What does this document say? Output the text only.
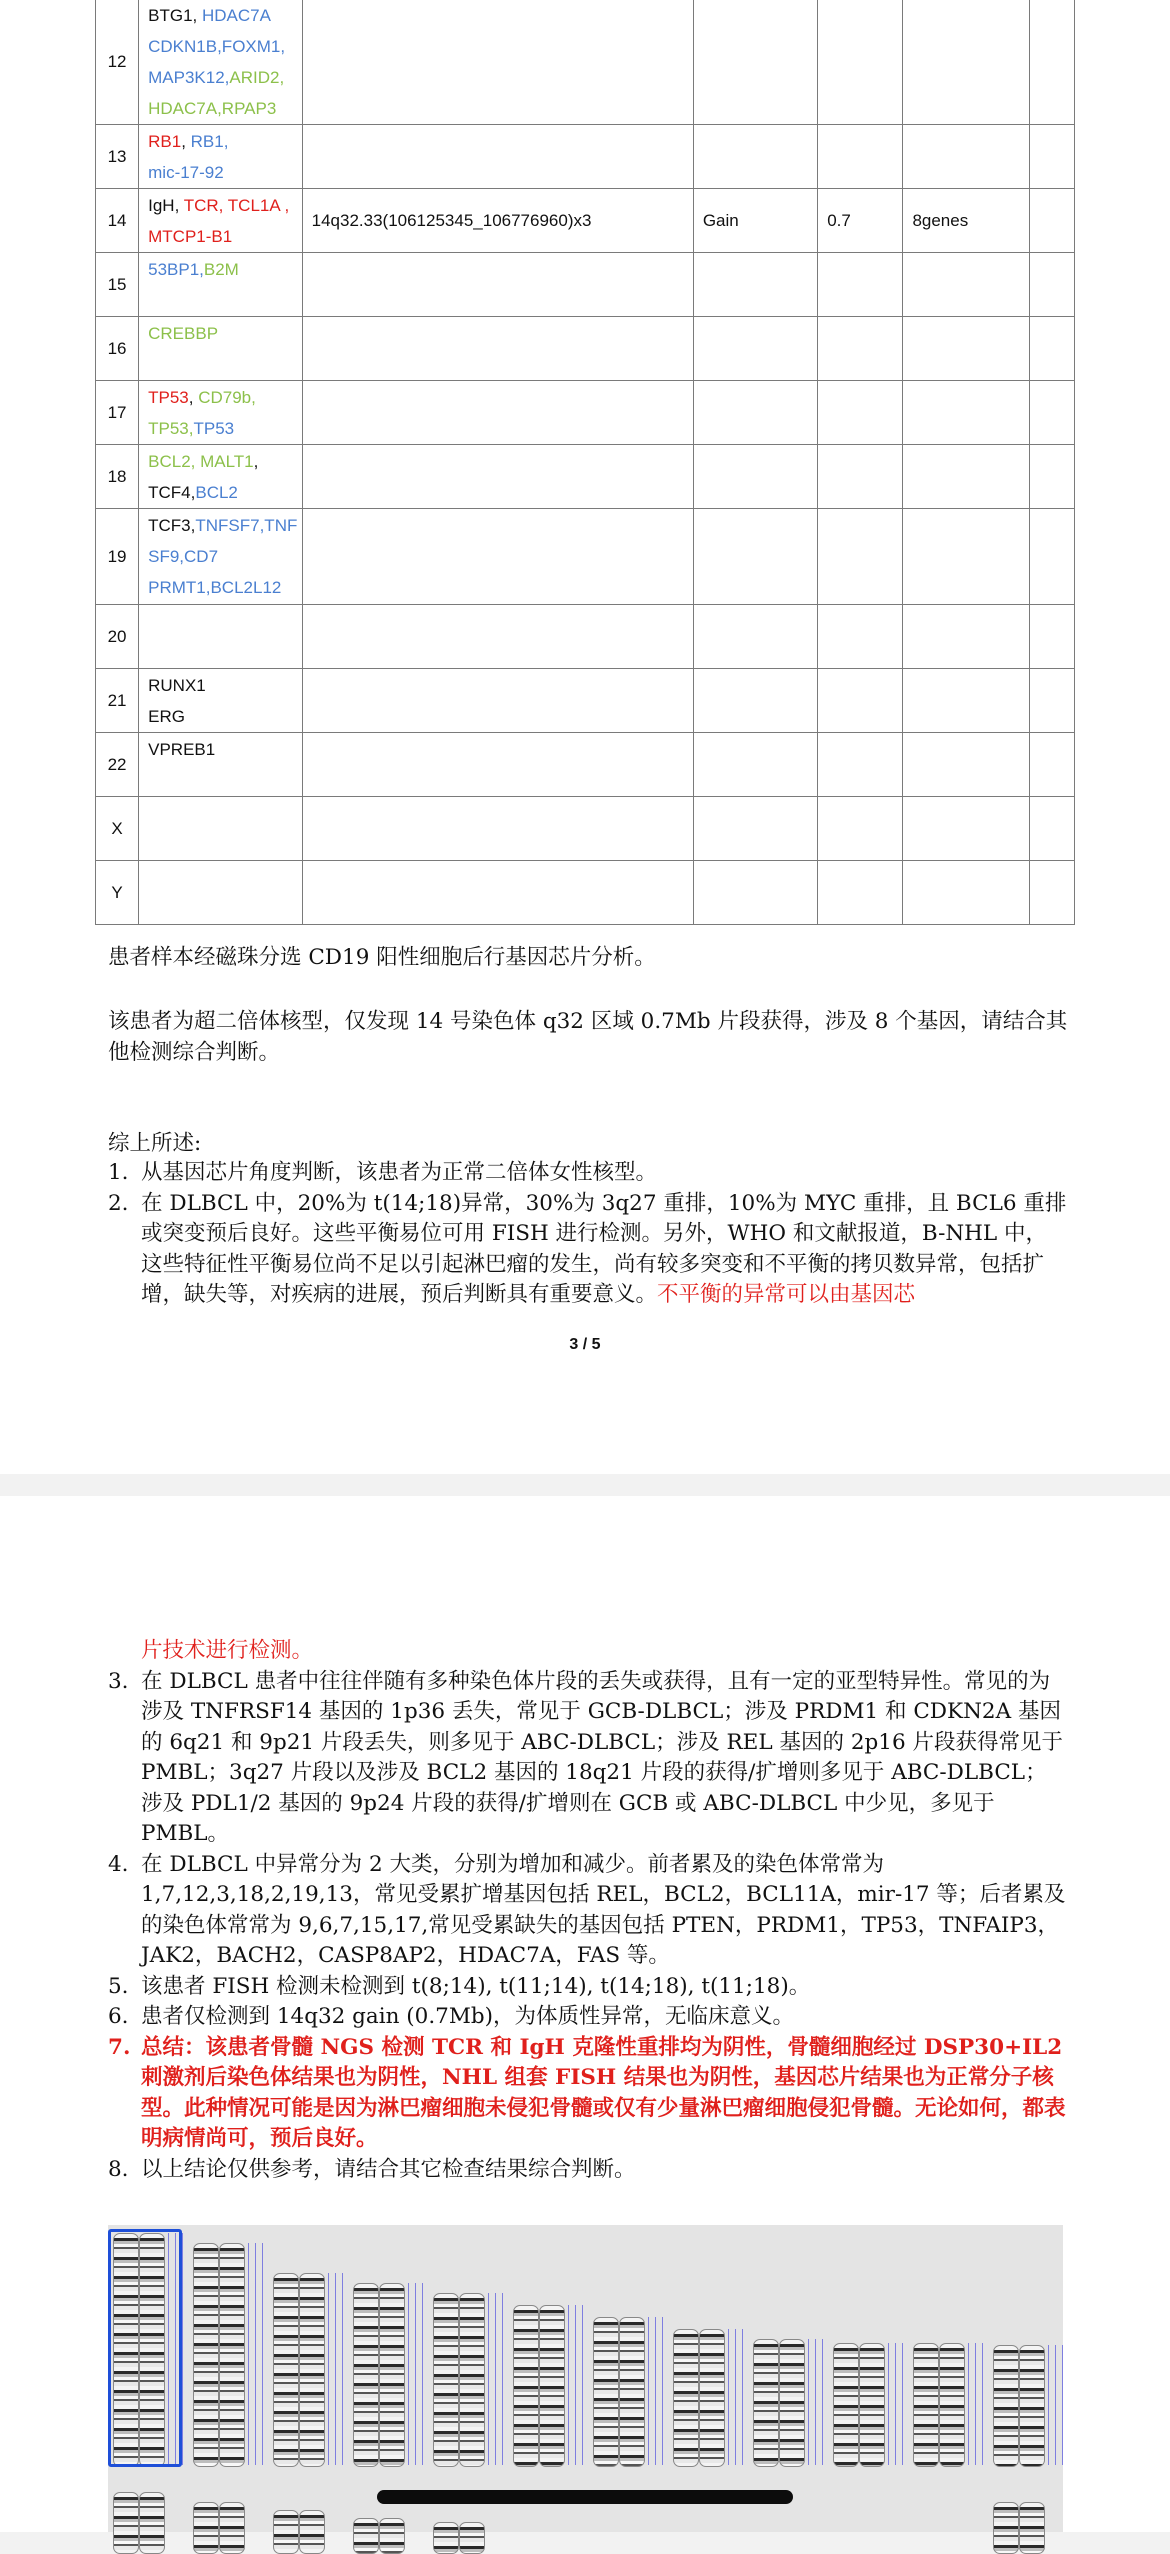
12	BTG1, HDAC7A
CDKN1B,FOXM1,
MAP3K12,ARID2,
HDAC7A,RPAP3					

13	RB1, RB1,
mic-17-92					

14	IgH, TCR, TCL1A ,
MTCP1-B1	14q32.33(106125345_106776960)x3	Gain	0.7	8genes	
15	53BP1,B2M					

16	CREBBP					

17	TP53, CD79b,
TP53,TP53					

18	BCL2, MALT1,
TCF4,BCL2					

19	TCF3,TNFSF7,TNF
SF9,CD7
PRMT1,BCL2L12					

20						
21	RUNX1
ERG					

22	VPREB1					

X						
Y						

患者样本经磁珠分选 CD19 阳性细胞后行基因芯片分析。

该患者为超二倍体核型，仅发现 14 号染色体 q32 区域 0.7Mb 片段获得，涉及 8 个基因，请结合其他检测综合判断。

综上所述:

1. 从基因芯片角度判断，该患者为正常二倍体女性核型。
2. 在 DLBCL 中，20%为 t(14;18)异常，30%为 3q27 重排，10%为 MYC 重排，且 BCL6 重排或突变预后良好。这些平衡易位可用 FISH 进行检测。另外，WHO 和文献报道，B-NHL 中，这些特征性平衡易位尚不足以引起淋巴瘤的发生，尚有较多突变和不平衡的拷贝数异常，包括扩增，缺失等，对疾病的进展，预后判断具有重要意义。不平衡的异常可以由基因芯
3 / 5
片技术进行检测。
3. 在 DLBCL 患者中往往伴随有多种染色体片段的丢失或获得，且有一定的亚型特异性。常见的为涉及 TNFRSF14 基因的 1p36 丢失，常见于 GCB-DLBCL；涉及 PRDM1 和 CDKN2A 基因的 6q21 和 9p21 片段丢失，则多见于 ABC-DLBCL；涉及 REL 基因的 2p16 片段获得常见于 PMBL；3q27 片段以及涉及 BCL2 基因的 18q21 片段的获得/扩增则多见于 ABC-DLBCL；涉及 PDL1/2 基因的 9p24 片段的获得/扩增则在 GCB 或 ABC-DLBCL 中少见，多见于 PMBL。
4. 在 DLBCL 中异常分为 2 大类，分别为增加和减少。前者累及的染色体常常为 1,7,12,3,18,2,19,13，常见受累扩增基因包括 REL，BCL2，BCL11A，mir-17 等；后者累及的染色体常常为 9,6,7,15,17,常见受累缺失的基因包括 PTEN，PRDM1，TP53，TNFAIP3，JAK2，BACH2，CASP8AP2，HDAC7A，FAS 等。
5. 该患者 FISH 检测未检测到 t(8;14), t(11;14), t(14;18), t(11;18)。
6. 患者仅检测到 14q32 gain (0.7Mb)，为体质性异常，无临床意义。
7. 总结：该患者骨髓 NGS 检测 TCR 和 IgH 克隆性重排均为阴性，骨髓细胞经过 DSP30+IL2 刺激剂后染色体结果也为阴性，NHL 组套 FISH 结果也为阴性，基因芯片结果也为正常分子核型。此种情况可能是因为淋巴瘤细胞未侵犯骨髓或仅有少量淋巴瘤细胞侵犯骨髓。无论如何，都表明病情尚可，预后良好。
8. 以上结论仅供参考，请结合其它检查结果综合判断。
